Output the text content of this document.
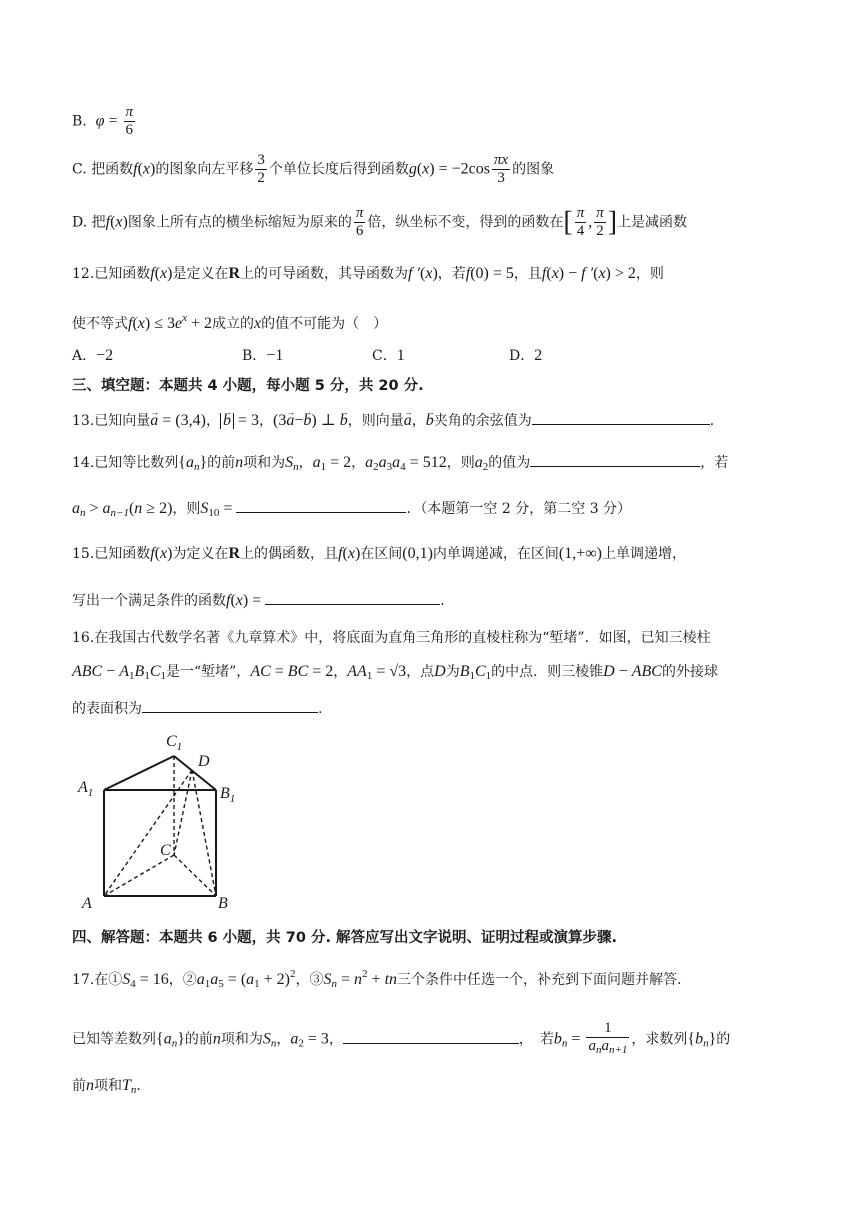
B. $\varphi = \frac{\pi}{6}$
C. 把函数f(x)的图象向左平移 $\frac{3}{2}$ 个单位长度后得到函数$g(x) = -2\cos \frac{\pi x}{3}$ 的图象
D. 把f(x)图象上所有点的横坐标缩短为原来的 $\frac{\pi}{6}$ 倍，纵坐标不变，得到的函数在[ $\frac{\pi}{4}$ , $\frac{\pi}{2}$ ]上是减函数
12.已知函数f(x)是定义在R上的可导函数，其导函数为f ′(x)，若f(0) = 5，且f(x) − f ′(x) > 2，则
使不等式$f(x) \le 3e^x + 2$成立的x的值不可能为（　）
A．−2	B．−1	C．1	D．2
三、填空题：本题共 4 小题，每小题 5 分，共 20 分.
13.已知向量→ a = (3,4)，→ b = 3，(3→ a−→ b) ⊥ → b，则向量→ a，→ b夹角的余弦值为	.
14.已知等比数列$\{a_n\}$的前n项和为$S_n$，$a_1 = 2$，$a_2a_3a_4 = 512$，则$a_2$的值为	，若
$a_n > a_{n-1}(n \ge 2)$，则$S_{10}$ =	．（本题第一空 2 分，第二空 3 分）
15.已知函数f(x)为定义在R上的偶函数，且f(x)在区间(0,1)内单调递减，在区间(1,+∞)上单调递增，
写出一个满足条件的函数f(x) =	.
16.在我国古代数学名著《九章算术》中，将底面为直角三角形的直棱柱称为“堑堵”．如图，已知三棱柱
ABC − $A_1B_1C_1$是一“堑堵”，AC = BC = 2，$AA_1 = √3$，点D为$B_1C_1$的中点．则三棱锥D − ABC的外接球
的表面积为	.
$C_1$
D
$A_1$	$B_1$
C
A	B
四、解答题：本题共 6 小题，共 70 分. 解答应写出文字说明、证明过程或演算步骤.
17.在$①S_4 = 16$，$②a_1a_5 = (a_1 + 2)^2$，$③S_n = n^2$ + tn三个条件中任选一个，补充到下面问题并解答.
已知等差数列$\{a_n\}$的前n项和为$S_n$，$a_2 = 3$，	，　若$b_n = \frac{1}{a_na_{n+1}}$ ，求数列$\{b_n\}$的
前n项和$T_n$.
